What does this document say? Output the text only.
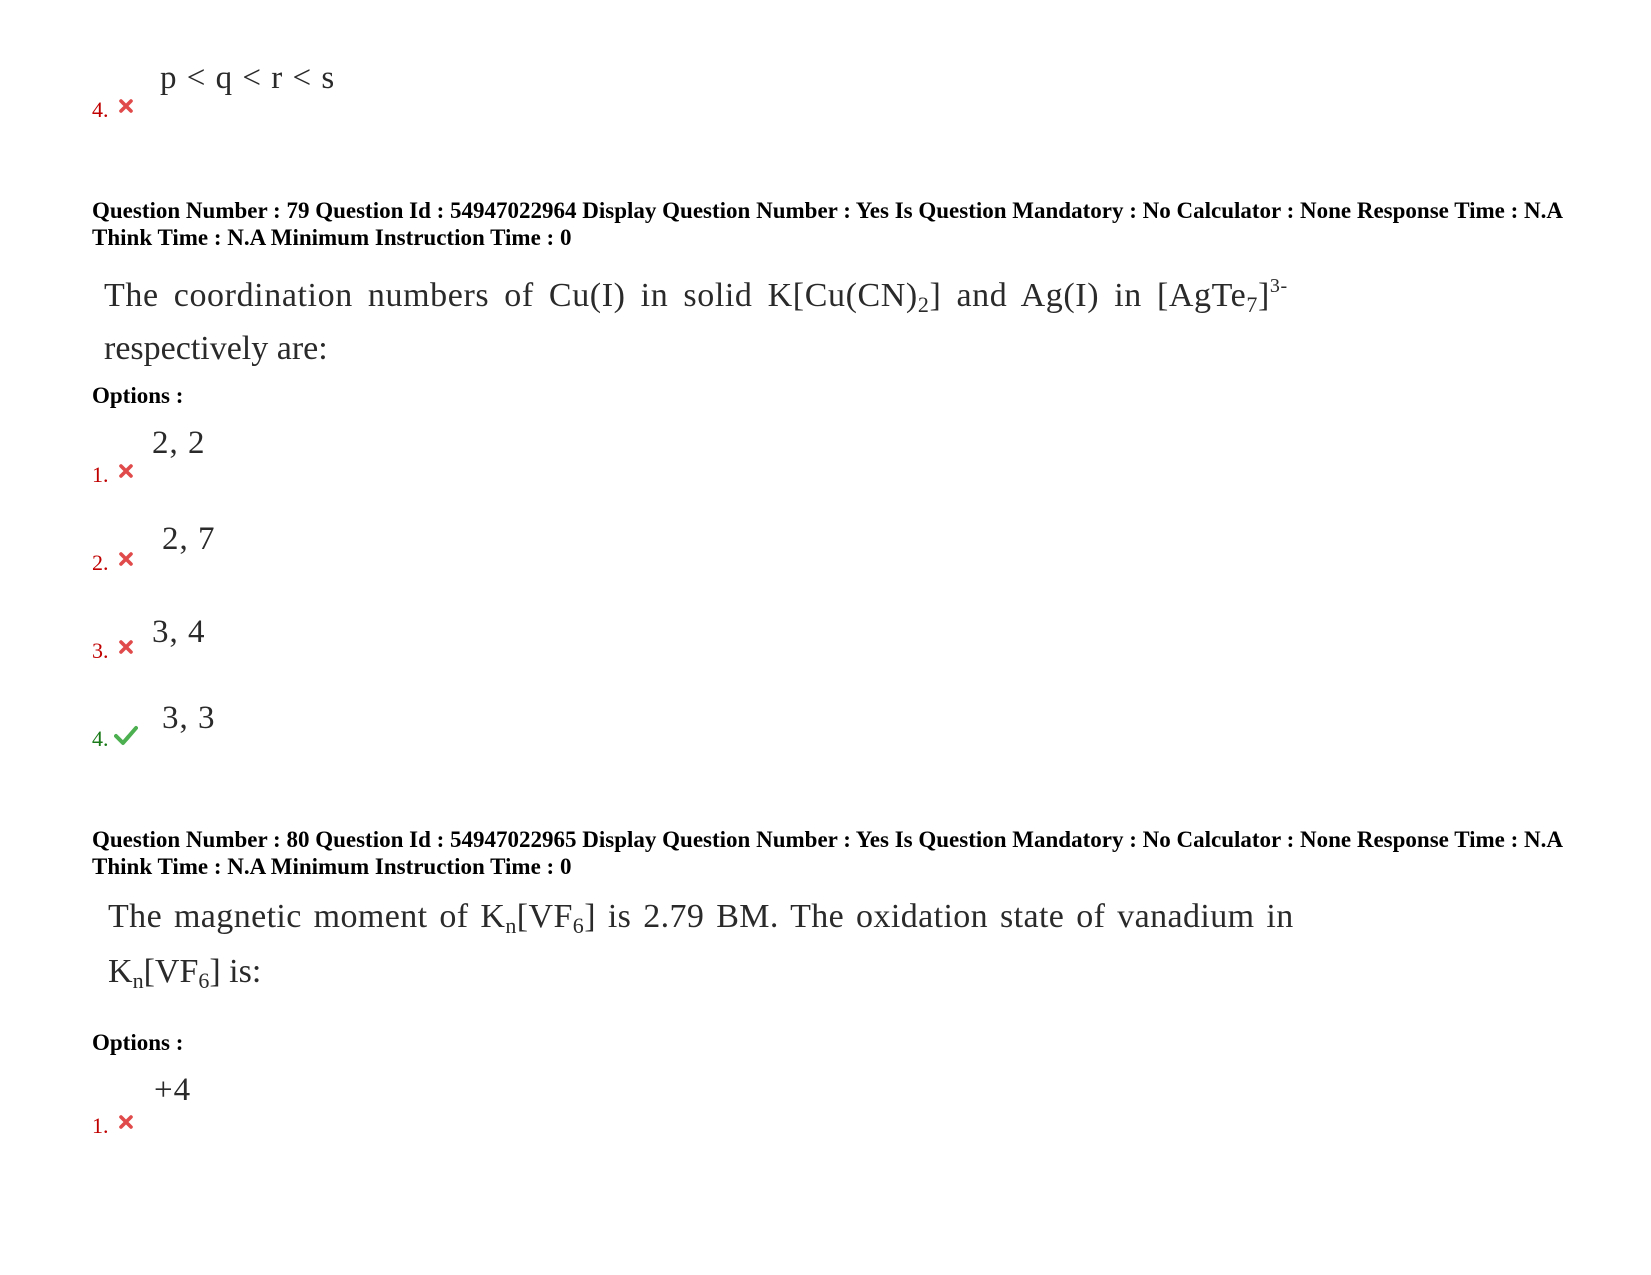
p < q < r < s
4.
Question Number : 79 Question Id : 54947022964 Display Question Number : Yes Is Question Mandatory : No Calculator : None Response Time : N.A Think Time : N.A Minimum Instruction Time : 0
The coordination numbers of Cu(I) in solid $K[Cu(CN)_2]$ and Ag(I) in [AgTe$_7$]$^{3-}$
respectively are:
Options :
2, 2
1.
2, 7
2.
3, 4
3.
3, 3
4.
Question Number : 80 Question Id : 54947022965 Display Question Number : Yes Is Question Mandatory : No Calculator : None Response Time : N.A Think Time : N.A Minimum Instruction Time : 0
The magnetic moment of $K_n[VF_6]$ is 2.79 BM. The oxidation state of vanadium in
$K_n[VF_6]$ is:
Options :
+4
1.
